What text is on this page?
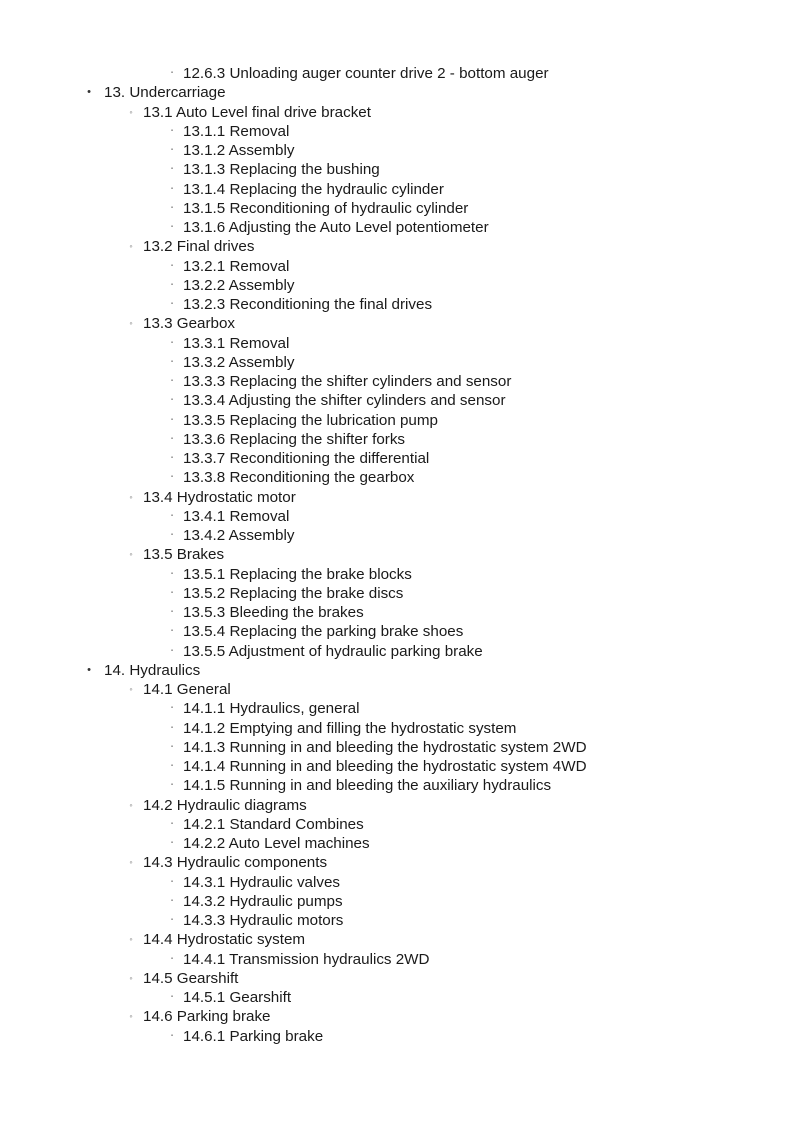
▪ 12.6.3 Unloading auger counter drive 2 - bottom auger
• 13. Undercarriage
◦ 13.1 Auto Level final drive bracket
▪ 13.1.1 Removal
▪ 13.1.2 Assembly
▪ 13.1.3 Replacing the bushing
▪ 13.1.4 Replacing the hydraulic cylinder
▪ 13.1.5 Reconditioning of hydraulic cylinder
▪ 13.1.6 Adjusting the Auto Level potentiometer
◦ 13.2 Final drives
▪ 13.2.1 Removal
▪ 13.2.2 Assembly
▪ 13.2.3 Reconditioning the final drives
◦ 13.3 Gearbox
▪ 13.3.1 Removal
▪ 13.3.2 Assembly
▪ 13.3.3 Replacing the shifter cylinders and sensor
▪ 13.3.4 Adjusting the shifter cylinders and sensor
▪ 13.3.5 Replacing the lubrication pump
▪ 13.3.6 Replacing the shifter forks
▪ 13.3.7 Reconditioning the differential
▪ 13.3.8 Reconditioning the gearbox
◦ 13.4 Hydrostatic motor
▪ 13.4.1 Removal
▪ 13.4.2 Assembly
◦ 13.5 Brakes
▪ 13.5.1 Replacing the brake blocks
▪ 13.5.2 Replacing the brake discs
▪ 13.5.3 Bleeding the brakes
▪ 13.5.4 Replacing the parking brake shoes
▪ 13.5.5 Adjustment of hydraulic parking brake
• 14. Hydraulics
◦ 14.1 General
▪ 14.1.1 Hydraulics, general
▪ 14.1.2 Emptying and filling the hydrostatic system
▪ 14.1.3 Running in and bleeding the hydrostatic system 2WD
▪ 14.1.4 Running in and bleeding the hydrostatic system 4WD
▪ 14.1.5 Running in and bleeding the auxiliary hydraulics
◦ 14.2 Hydraulic diagrams
▪ 14.2.1 Standard Combines
▪ 14.2.2 Auto Level machines
◦ 14.3 Hydraulic components
▪ 14.3.1 Hydraulic valves
▪ 14.3.2 Hydraulic pumps
▪ 14.3.3 Hydraulic motors
◦ 14.4 Hydrostatic system
▪ 14.4.1 Transmission hydraulics 2WD
◦ 14.5 Gearshift
▪ 14.5.1 Gearshift
◦ 14.6 Parking brake
▪ 14.6.1 Parking brake
